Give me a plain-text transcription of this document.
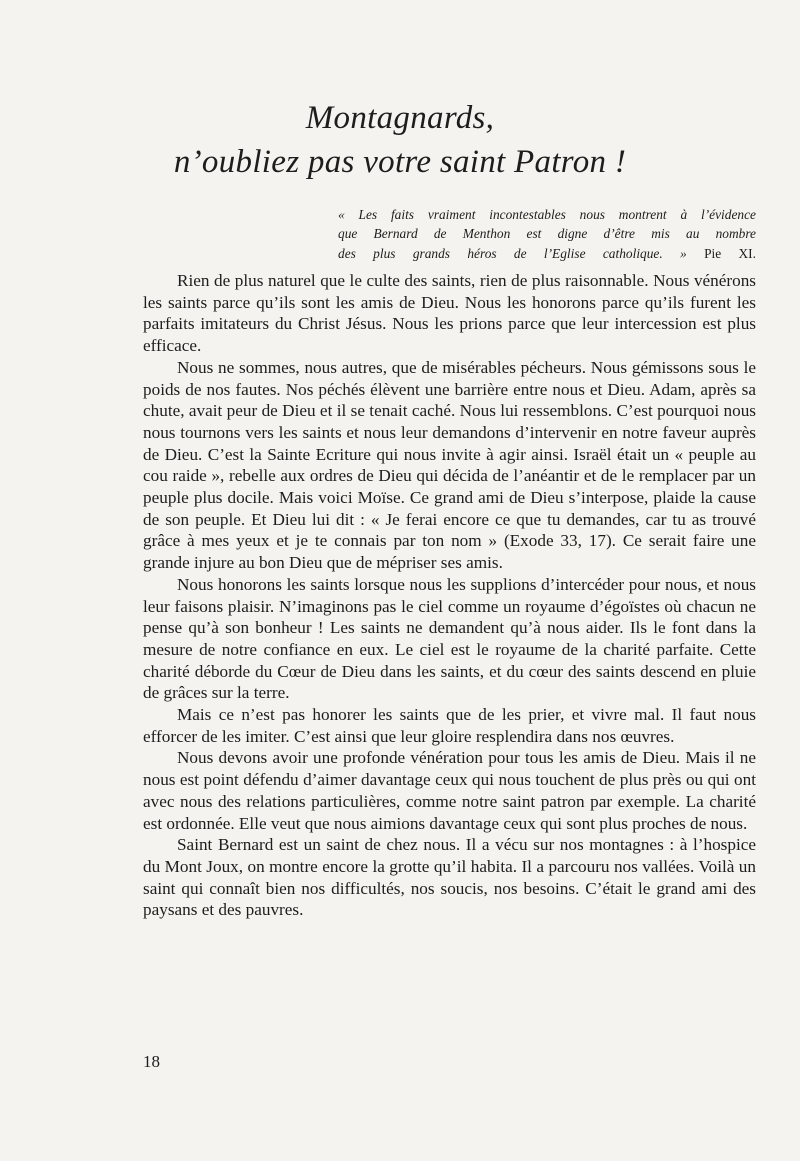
Montagnards,
n’oubliez pas votre saint Patron !
« Les faits vraiment incontestables nous montrent à l’évidence
que Bernard de Menthon est digne d’être mis au nombre
des plus grands héros de l’Eglise catholique. » Pie XI.

Rien de plus naturel que le culte des saints, rien de plus raisonnable. Nous vénérons les saints parce qu’ils sont les amis de Dieu. Nous les honorons parce qu’ils furent les parfaits imitateurs du Christ Jésus. Nous les prions parce que leur intercession est plus efficace.

Nous ne sommes, nous autres, que de misérables pécheurs. Nous gémissons sous le poids de nos fautes. Nos péchés élèvent une barrière entre nous et Dieu. Adam, après sa chute, avait peur de Dieu et il se tenait caché. Nous lui ressemblons. C’est pourquoi nous nous tournons vers les saints et nous leur demandons d’intervenir en notre faveur auprès de Dieu. C’est la Sainte Ecriture qui nous invite à agir ainsi. Israël était un « peuple au cou raide », rebelle aux ordres de Dieu qui décida de l’anéantir et de le remplacer par un peuple plus docile. Mais voici Moïse. Ce grand ami de Dieu s’interpose, plaide la cause de son peuple. Et Dieu lui dit : « Je ferai encore ce que tu demandes, car tu as trouvé grâce à mes yeux et je te connais par ton nom » (Exode 33, 17). Ce serait faire une grande injure au bon Dieu que de mépriser ses amis.

Nous honorons les saints lorsque nous les supplions d’intercéder pour nous, et nous leur faisons plaisir. N’imaginons pas le ciel comme un royaume d’égoïstes où chacun ne pense qu’à son bonheur ! Les saints ne demandent qu’à nous aider. Ils le font dans la mesure de notre confiance en eux. Le ciel est le royaume de la charité parfaite. Cette charité déborde du Cœur de Dieu dans les saints, et du cœur des saints descend en pluie de grâces sur la terre.

Mais ce n’est pas honorer les saints que de les prier, et vivre mal. Il faut nous efforcer de les imiter. C’est ainsi que leur gloire resplendira dans nos œuvres.

Nous devons avoir une profonde vénération pour tous les amis de Dieu. Mais il ne nous est point défendu d’aimer davantage ceux qui nous touchent de plus près ou qui ont avec nous des relations particulières, comme notre saint patron par exemple. La charité est ordonnée. Elle veut que nous aimions davantage ceux qui sont plus proches de nous.

Saint Bernard est un saint de chez nous. Il a vécu sur nos montagnes : à l’hospice du Mont Joux, on montre encore la grotte qu’il habita. Il a parcouru nos vallées. Voilà un saint qui connaît bien nos difficultés, nos soucis, nos besoins. C’était le grand ami des paysans et des pauvres.

18
